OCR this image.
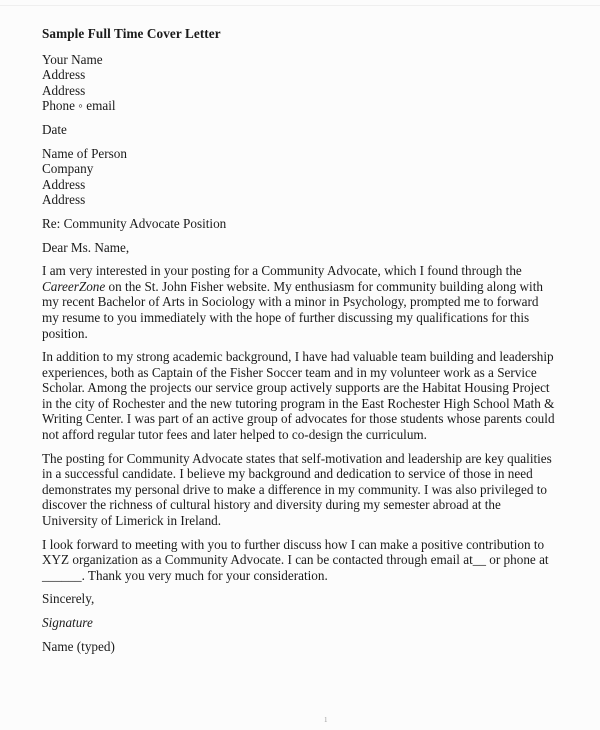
Sample Full Time Cover Letter
Your Name
Address
Address
Phone ◦ email
Date
Name of Person
Company
Address
Address
Re: Community Advocate Position
Dear Ms. Name,
I am very interested in your posting for a Community Advocate, which I found through the
CareerZone on the St. John Fisher website. My enthusiasm for community building along with
my recent Bachelor of Arts in Sociology with a minor in Psychology, prompted me to forward
my resume to you immediately with the hope of further discussing my qualifications for this
position.
In addition to my strong academic background, I have had valuable team building and leadership
experiences, both as Captain of the Fisher Soccer team and in my volunteer work as a Service
Scholar. Among the projects our service group actively supports are the Habitat Housing Project
in the city of Rochester and the new tutoring program in the East Rochester High School Math &
Writing Center. I was part of an active group of advocates for those students whose parents could
not afford regular tutor fees and later helped to co-design the curriculum.
The posting for Community Advocate states that self-motivation and leadership are key qualities
in a successful candidate. I believe my background and dedication to service of those in need
demonstrates my personal drive to make a difference in my community. I was also privileged to
discover the richness of cultural history and diversity during my semester abroad at the
University of Limerick in Ireland.
I look forward to meeting with you to further discuss how I can make a positive contribution to
XYZ organization as a Community Advocate. I can be contacted through email at__ or phone at
______. Thank you very much for your consideration.
Sincerely,
Signature
Name (typed)
1
